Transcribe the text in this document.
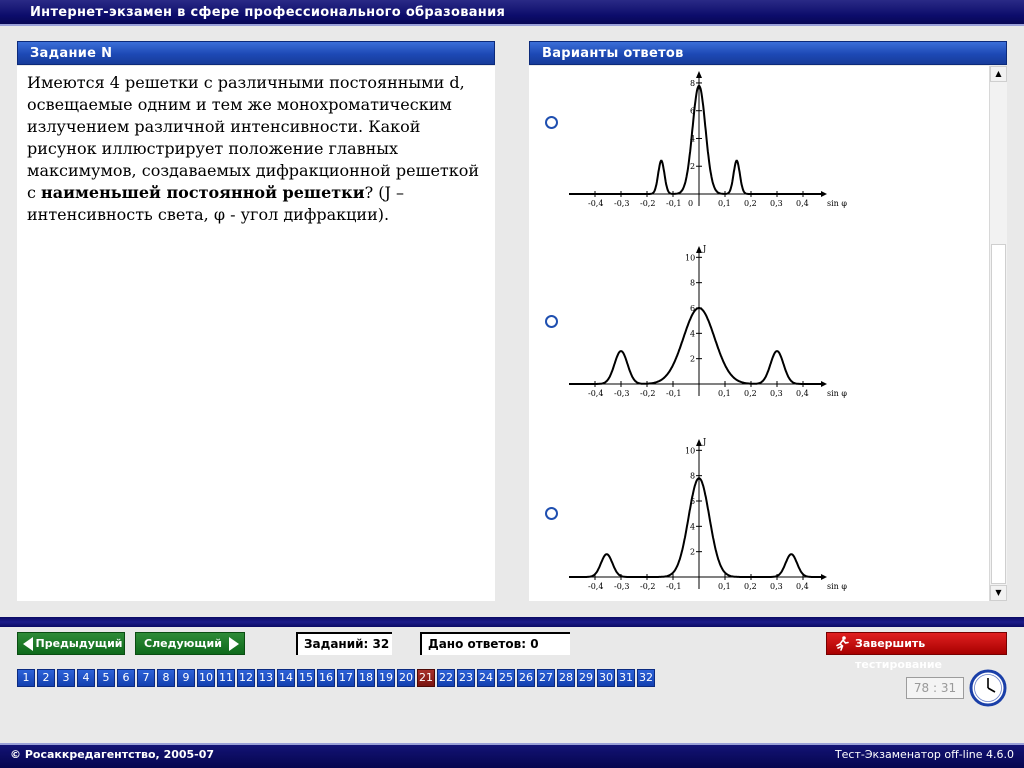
Интернет-экзамен в сфере профессионального образования
Задание N
Имеются 4 решетки с различными постоянными d, освещаемые одним и тем же монохроматическим излучением различной интенсивности. Какой рисунок иллюстрирует положение главных максимумов, создаваемых дифракционной решеткой с наименьшей постоянной решетки? (J – интенсивность света, φ - угол дифракции).
Варианты ответов
sin φ
-0,4 -0,3 -0,2 -0,1 0	0,1 0,2 0,3 0,4
2
4
6
8
J
sin φ
-0,4 -0,3 -0,2 -0,1	0,1 0,2 0,3 0,4
2
4
6
8
10
J
sin φ
-0,4 -0,3 -0,2 -0,1	0,1 0,2 0,3 0,4
2
4
6
8
10
▲
▼
Предыдущий	Следующий	Заданий: 32	Дано ответов: 0	Завершить тестирование
1	2	3	4	5	6	7	8	9 10 11 12 13 14 15 16 17 18 19 20 21 22 23 24 25 26 27 28 29 30 31 32
78 : 31
© Росаккредагентство, 2005-07	Тест-Экзаменатор off-line 4.6.0
